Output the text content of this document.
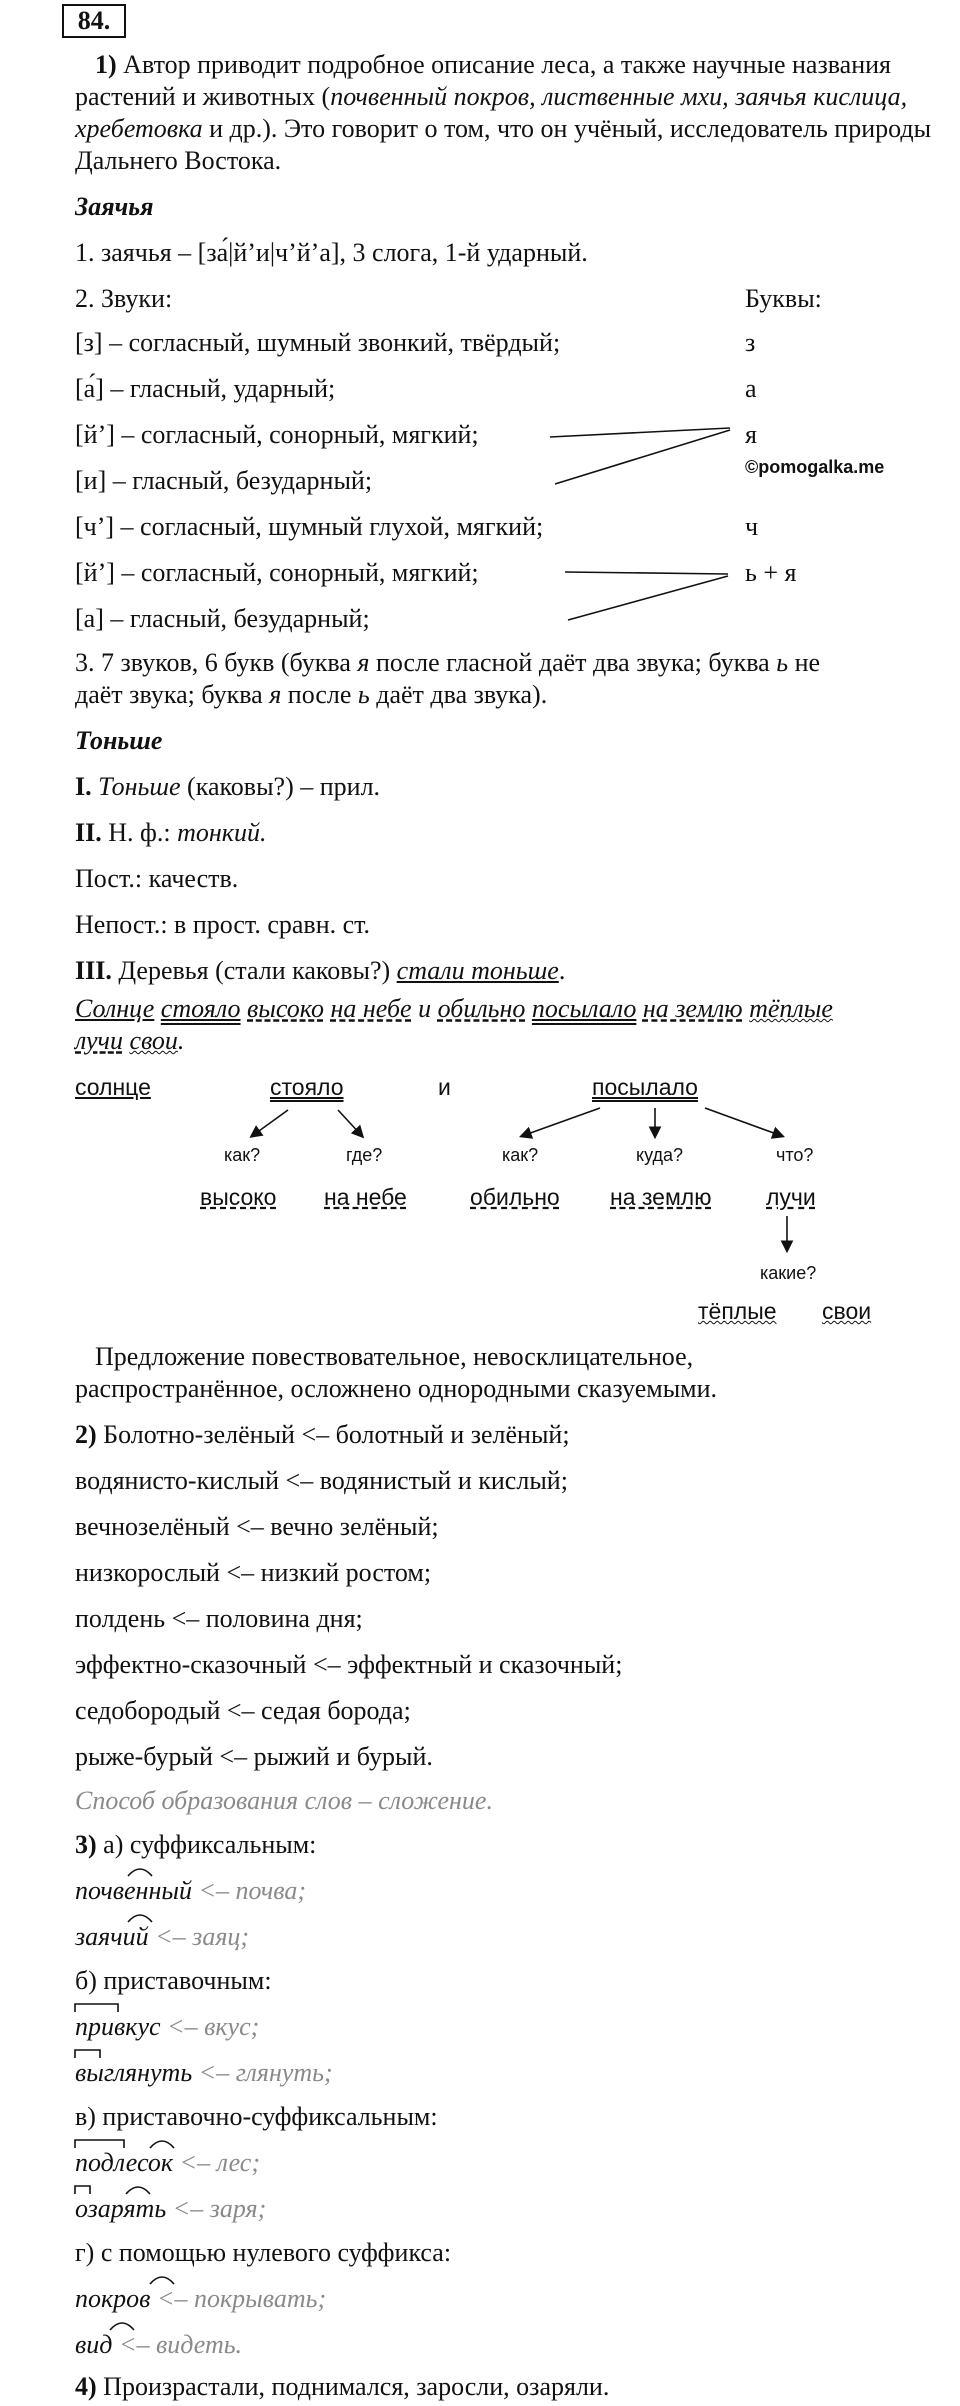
84.
1) Автор приводит подробное описание леса, а также научные названия
растений и животных (почвенный покров, лиственные мхи, заячья кислица,
хребетовка и др.). Это говорит о том, что он учёный, исследователь природы
Дальнего Востока.
Заячья
1. заячья – [за́|й’и|ч’й’а], 3 слога, 1-й ударный.
2. Звуки:	Буквы:
[з] – согласный, шумный звонкий, твёрдый;	з
[а́] – гласный, ударный;	а
[й’] – согласный, сонорный, мягкий;	я
[и] – гласный, безударный;	©pomogalka.me
[ч’] – согласный, шумный глухой, мягкий;	ч
[й’] – согласный, сонорный, мягкий;	ь + я
[а] – гласный, безударный;
3. 7 звуков, 6 букв (буква я после гласной даёт два звука; буква ь не
даёт звука; буква я после ь даёт два звука).
Тоньше
I. Тоньше (каковы?) – прил.
II. Н. ф.: тонкий.
Пост.: качеств.
Непост.: в прост. сравн. ст.
III. Деревья (стали каковы?) стали тоньше.
Солнце стояло высоко на небе и обильно посылало на землю тёплые
лучи свои.
солнце	стояло	и	посылало
как?	где?	как?	куда?	что?
высоко на небе	обильно на землю лучи
какие?
тёплые свои
Предложение повествовательное, невосклицательное,
распространённое, осложнено однородными сказуемыми.
2) Болотно-зелёный <– болотный и зелёный;
водянисто-кислый <– водянистый и кислый;
вечнозелёный <– вечно зелёный;
низкорослый <– низкий ростом;
полдень <– половина дня;
эффектно-сказочный <– эффектный и сказочный;
седобородый <– седая борода;
рыже-бурый <– рыжий и бурый.
Способ образования слов – сложение.
3) а) суффиксальным:
почвенный <– почва;
заячий <– заяц;
б) приставочным:
привкус <– вкус;
выглянуть <– глянуть;
в) приставочно-суффиксальным:
подлесок <– лес;
озарять <– заря;
г) с помощью нулевого суффикса:
покров <– покрывать;
вид <– видеть.
4) Произрастали, поднимался, заросли, озаряли.
